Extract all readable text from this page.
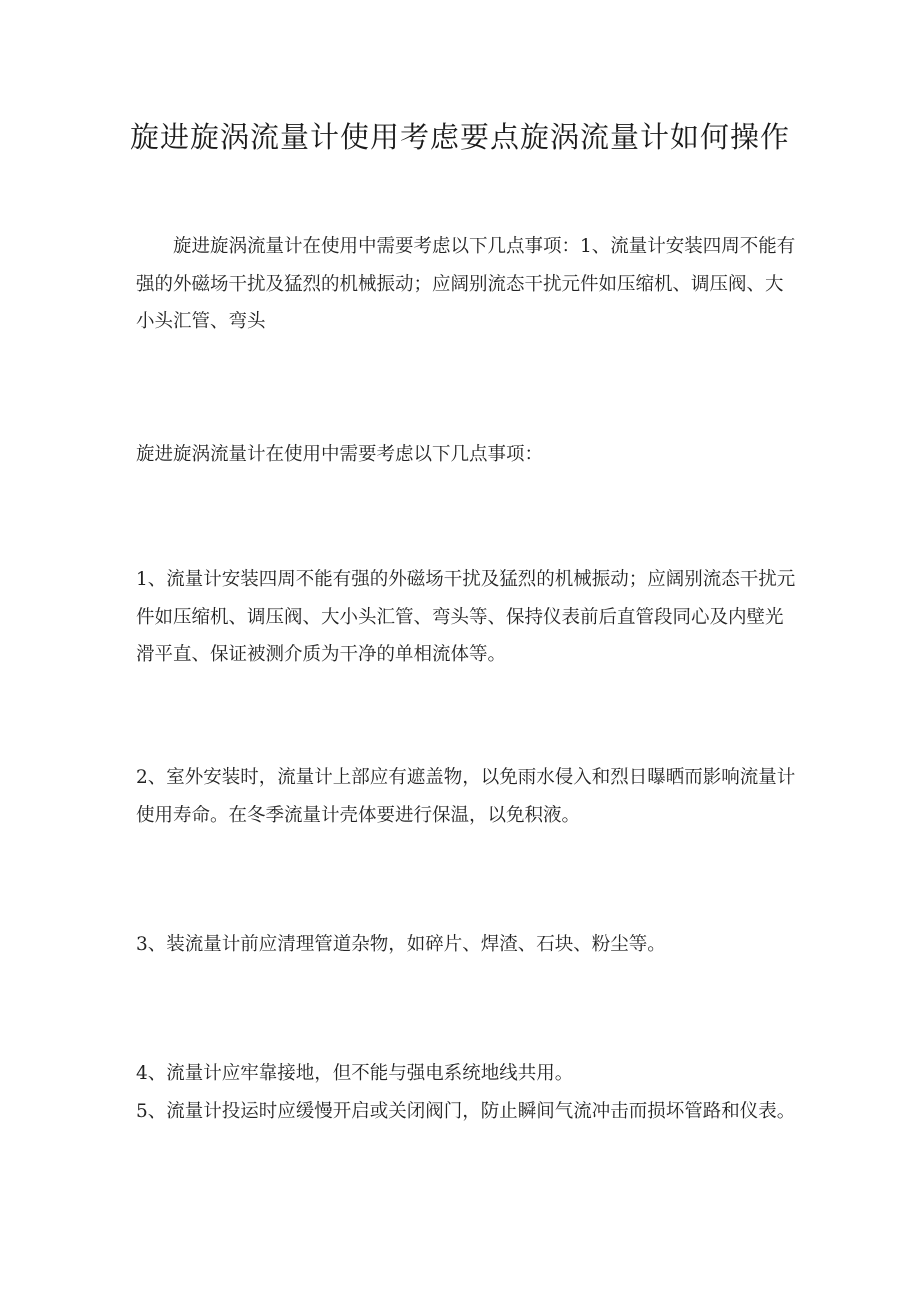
旋进旋涡流量计使用考虑要点旋涡流量计如何操作

旋进旋涡流量计在使用中需要考虑以下几点事项：1、流量计安装四周不能有强的外磁场干扰及猛烈的机械振动；应阔别流态干扰元件如压缩机、调压阀、大小头汇管、弯头

旋进旋涡流量计在使用中需要考虑以下几点事项：

1、流量计安装四周不能有强的外磁场干扰及猛烈的机械振动；应阔别流态干扰元件如压缩机、调压阀、大小头汇管、弯头等、保持仪表前后直管段同心及内壁光滑平直、保证被测介质为干净的单相流体等。

2、室外安装时，流量计上部应有遮盖物，以免雨水侵入和烈日曝晒而影响流量计使用寿命。在冬季流量计壳体要进行保温，以免积液。

3、装流量计前应清理管道杂物，如碎片、焊渣、石块、粉尘等。

4、流量计应牢靠接地，但不能与强电系统地线共用。
5、流量计投运时应缓慢开启或关闭阀门，防止瞬间气流冲击而损坏管路和仪表。
